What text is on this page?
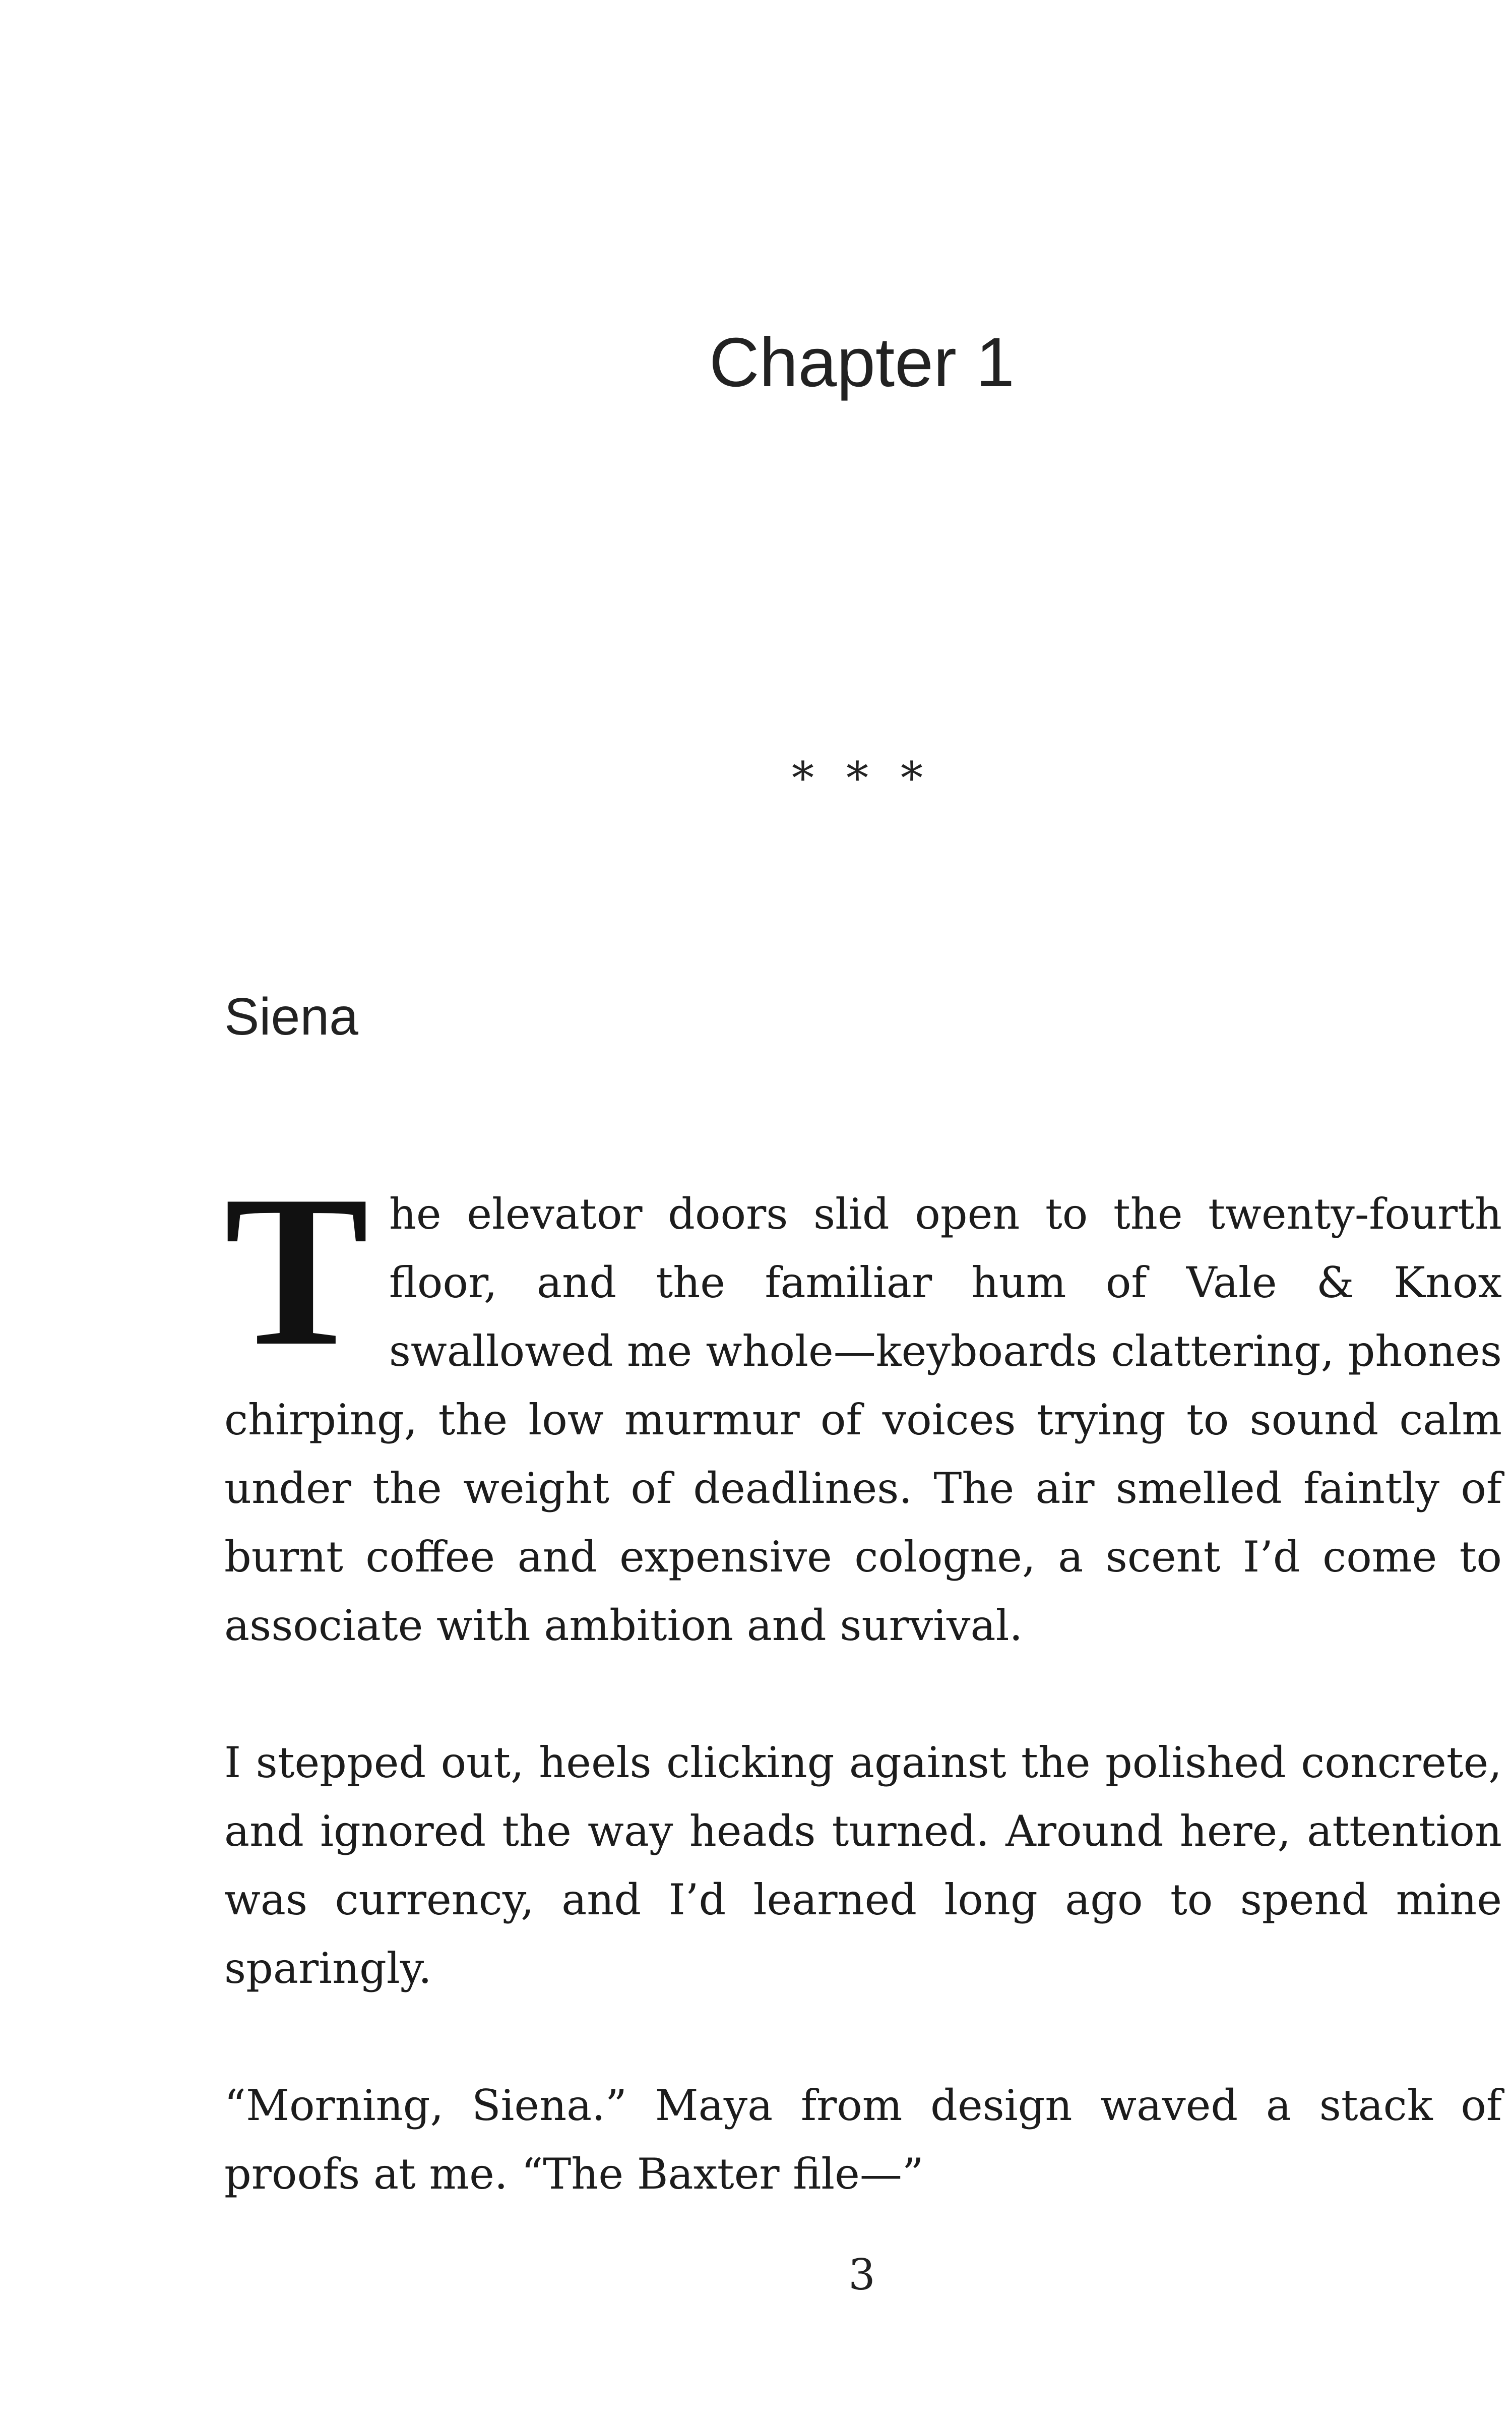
Chapter 1
* * *
Siena

The elevator doors slid open to the twenty-fourth floor, and the familiar hum of Vale & Knox swallowed me whole—keyboards clattering, phones chirping, the low murmur of voices trying to sound calm under the weight of deadlines. The air smelled faintly of burnt coffee and expensive cologne, a scent I’d come to associate with ambition and survival.

I stepped out, heels clicking against the polished concrete, and ignored the way heads turned. Around here, attention was currency, and I’d learned long ago to spend mine sparingly.

“Morning, Siena.” Maya from design waved a stack of proofs at me. “The Baxter file—”

3
